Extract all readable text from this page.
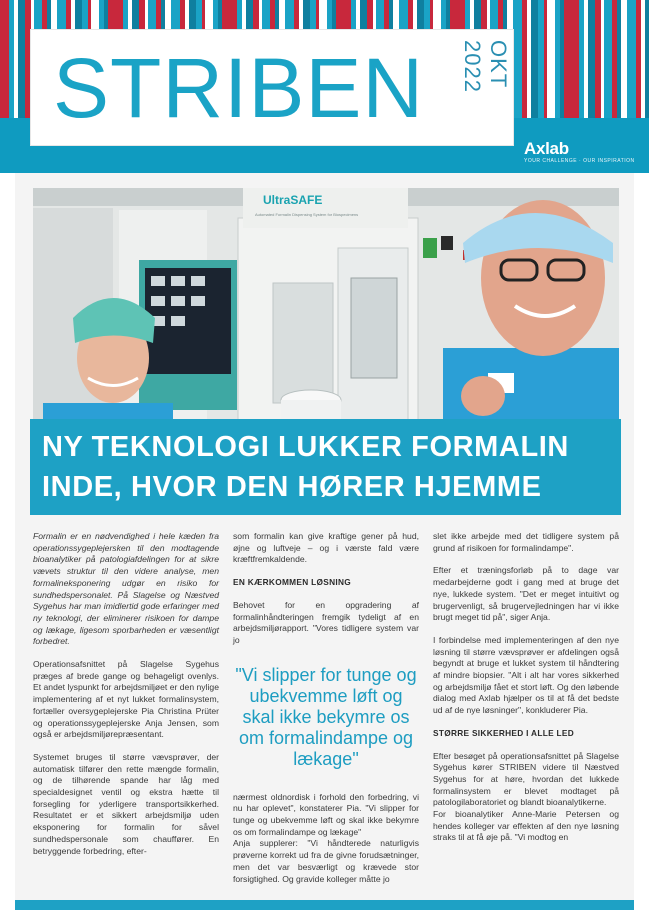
STRIBEN	OKT 2022
Axlab
YOUR CHALLENGE · OUR INSPIRATION
UltraSAFE
Automated Formalin Dispensing System for Biospecimens
NY TEKNOLOGI LUKKER FORMALIN
INDE, HVOR DEN HØRER HJEMME

Formalin er en nødvendighed i hele kæden fra operationssygeplejersken til den modtagende bioanalytiker på patologiafdelingen for at sikre vævets struktur til den videre analyse, men formalineksponering udgør en risiko for sundhedspersonalet. På Slagelse og Næstved Sygehus har man imidlertid gode erfaringer med ny teknologi, der eliminerer risikoen for dampe og lækage, ligesom sporbarheden er væsentligt forbedret.

Operationsafsnittet på Slagelse Sygehus præges af brede gange og behageligt ovenlys. Et andet lyspunkt for arbejdsmiljøet er den nylige implementering af et nyt lukket formalinsystem, fortæller oversygeplejerske Pia Christina Prüter og operationssygeplejerske Anja Jensen, som også er arbejdsmiljørepræsentant.

Systemet bruges til større vævsprøver, der automatisk tilfører den rette mængde formalin, og de tilhørende spande har låg med specialdesignet ventil og ekstra hætte til forsegling for yderligere transportsikkerhed. Resultatet er et sikkert arbejdsmiljø uden eksponering for formalin for såvel sundhedspersonale som chauffører. En betryggende forbedring, efter-

som formalin kan give kraftige gener på hud, øjne og luftveje – og i værste fald være kræftfremkaldende.

EN KÆRKOMMEN LØSNING

Behovet for en opgradering af formalinhåndteringen fremgik tydeligt af en arbejdsmiljørapport. "Vores tidligere system var jo

"Vi slipper for tunge og ubekvemme løft og skal ikke bekymre os om formalindampe og lækage"

nærmest oldnordisk i forhold den forbedring, vi nu har oplevet", konstaterer Pia. "Vi slipper for tunge og ubekvemme løft og skal ikke bekymre os om formalindampe og lækage"

Anja supplerer: "Vi håndterede naturligvis prøverne korrekt ud fra de givne forudsætninger, men det var besværligt og krævede stor forsigtighed. Og gravide kolleger måtte jo

slet ikke arbejde med det tidligere system på grund af risikoen for formalindampe".

Efter et træningsforløb på to dage var medarbejderne godt i gang med at bruge det nye, lukkede system. "Det er meget intuitivt og brugervenligt, så brugervejledningen har vi ikke brugt meget tid på", siger Anja.

I forbindelse med implementeringen af den nye løsning til større vævsprøver er afdelingen også begyndt at bruge et lukket system til håndtering af mindre biopsier. "Alt i alt har vores sikkerhed og arbejdsmiljø fået et stort løft. Og den løbende dialog med Axlab hjælper os til at få det bedste ud af de nye løsninger", konkluderer Pia.

STØRRE SIKKERHED I ALLE LED

Efter besøget på operationsafsnittet på Slagelse Sygehus kører STRIBEN videre til Næstved Sygehus for at høre, hvordan det lukkede formalinsystem er blevet modtaget på patologilaboratoriet og blandt bioanalytikerne.

For bioanalytiker Anne-Marie Petersen og hendes kolleger var effekten af den nye løsning straks til at få øje på. "Vi modtog en
